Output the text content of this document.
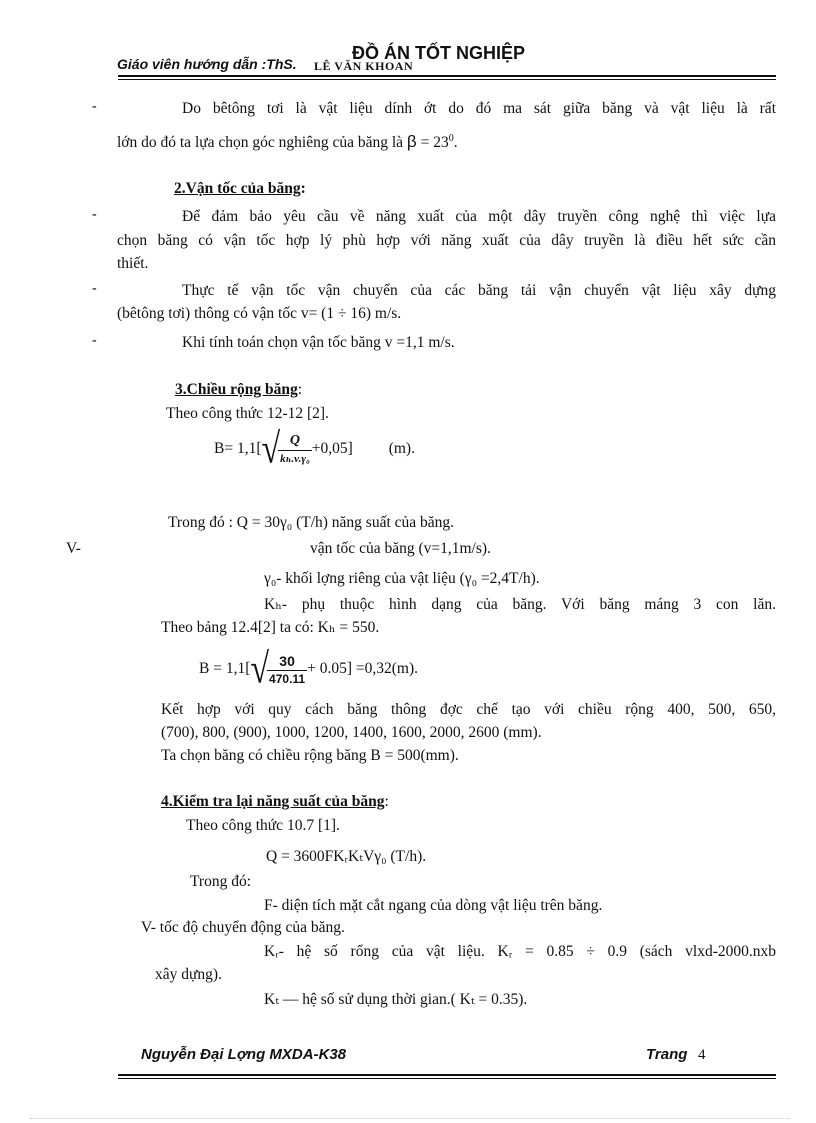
Giáo viên hướng dẫn :ThS.
ĐỒ ÁN TỐT NGHIỆP
LÊ VĂN KHOAN
-	Do bêtông tơi là vật liệu dính ớt do đó ma sát giữa băng và vật liệu là rất
lớn do đó ta lựa chọn góc nghiêng của băng là $\beta = 23^0$.
2.Vận tốc của băng:
-	Để đảm bảo yêu cầu về năng xuất của một dây truyền công nghệ thì việc lựa
chọn băng có vận tốc hợp lý phù hợp với năng xuất của dây truyền là điều hết sức cần
thiết.
-	Thực tế vận tốc vận chuyển của các băng tải vận chuyển vật liệu xây dựng
(bêtông tơi) thông có vận tốc v= (1 ÷ 16) m/s.
-	Khi tính toán chọn vận tốc băng v =1,1 m/s.
3.Chiều rộng băng:
Theo công thức 12-12 [2].
B= 1,1[√
$\frac{Q}{\text{kₕ.v.γ₀}} +0,05$] (m).
Trong đó : Q = 30γ₀ (T/h) năng suất của băng.
V-	vận tốc của băng (v=1,1m/s).
γ₀- khối lợng riêng của vật liệu (γ₀ =2,4T/h).
Kₕ- phụ thuộc hình dạng của băng. Với băng máng 3 con lăn.
Theo bảng 12.4[2] ta có: Kₕ = 550.
B = 1,1[√
$\frac{30}{470.11} + 0.05] =0,32(m)$.
Kết hợp với quy cách băng thông đợc chế tạo với chiều rộng 400, 500, 650,
(700), 800, (900), 1000, 1200, 1400, 1600, 2000, 2600 (mm).
Ta chọn băng có chiều rộng băng B = 500(mm).
4.Kiểm tra lại năng suất của băng:
Theo công thức 10.7 [1].
Q = 3600FKᵣKₜVγ₀ (T/h).
Trong đó:
F- diện tích mặt cắt ngang của dòng vật liệu trên băng.
V- tốc độ chuyển động của băng.
Kᵣ- hệ số rổng của vật liệu. Kᵣ = 0.85 ÷ 0.9 (sách vlxd-2000.nxb
xây dựng).
Kₜ — hệ số sử dụng thời gian.( Kₜ = 0.35).
Nguyễn Đại Lợng MXDA-K38	Trang 4
